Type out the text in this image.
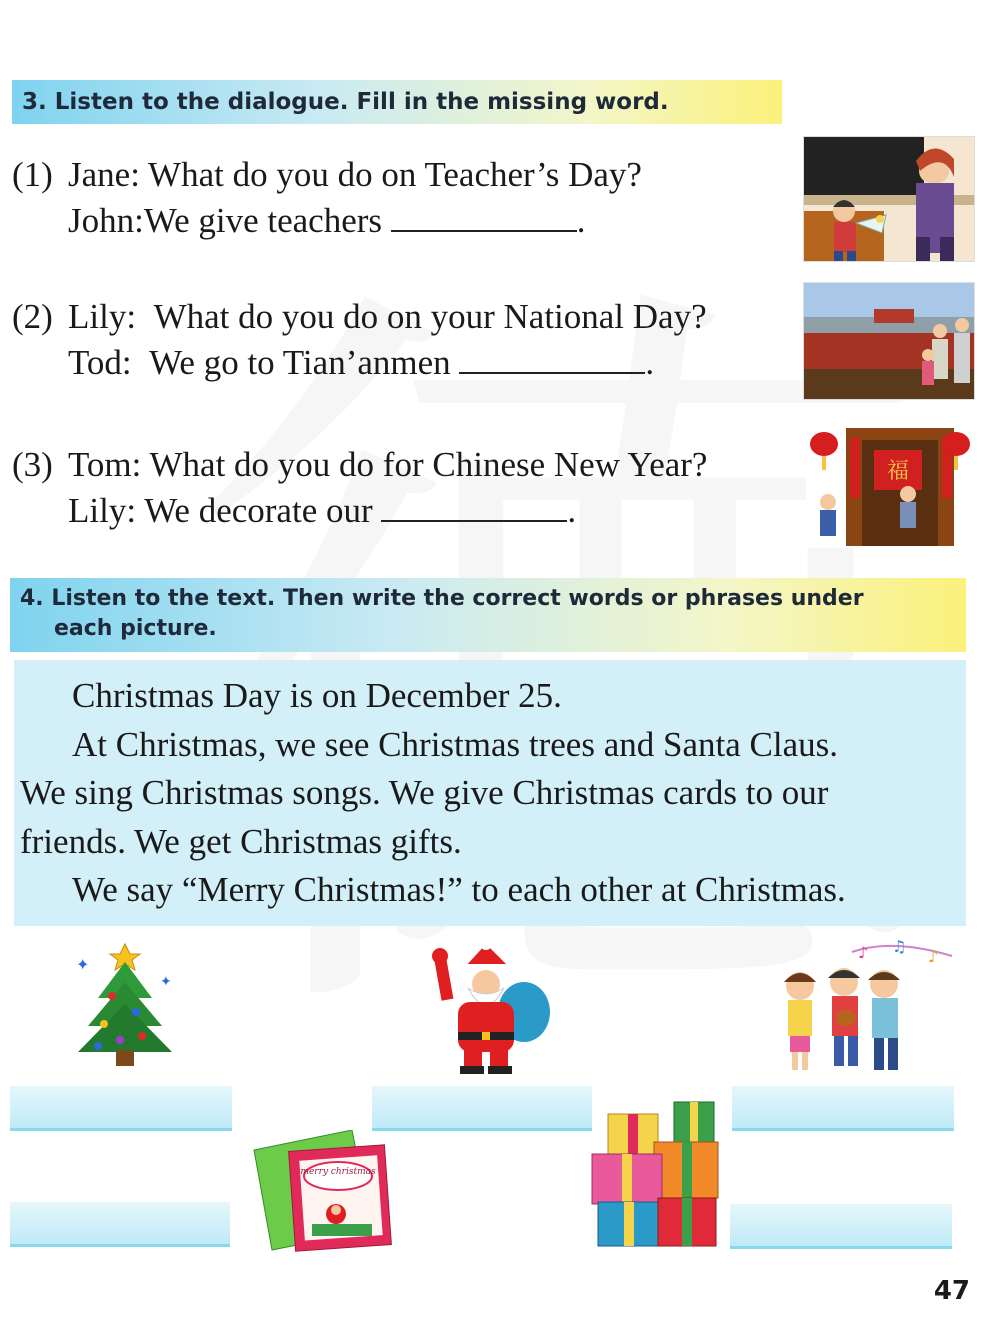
3. Listen to the dialogue. Fill in the missing word.
(1) Jane: What do you do on Teacher’s Day?
John:We give teachers	.
(2) Lily: What do you do on your National Day?
Tod: We go to Tian’anmen	.
(3) Tom: What do you do for Chinese New Year?
Lily: We decorate our	.
福
4. Listen to the text. Then write the correct words or phrases under
each picture.

Christmas Day is on December 25.

At Christmas, we see Christmas trees and Santa Claus.

We sing Christmas songs. We give Christmas cards to our

friends. We get Christmas gifts.

We say “Merry Christmas!” to each other at Christmas.

✦
✦
♪ ♫
♪
merry christmas
47
